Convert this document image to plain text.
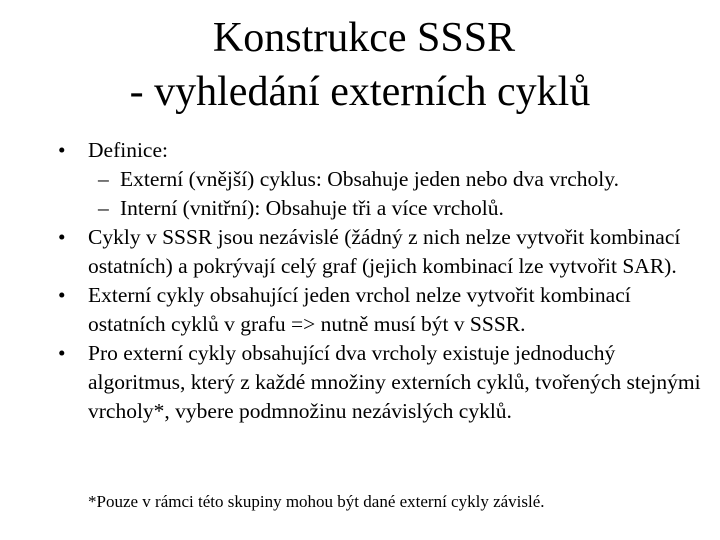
Konstrukce SSSR
- vyhledání externích cyklů
•	Definice:
– Externí (vnější) cyklus: Obsahuje jeden nebo dva vrcholy.
– Interní (vnitřní): Obsahuje tři a více vrcholů.
•	Cykly v SSSR jsou nezávislé (žádný z nich nelze vytvořit kombinací ostatních) a pokrývají celý graf (jejich kombinací lze vytvořit SAR).
•	Externí cykly obsahující jeden vrchol nelze vytvořit kombinací ostatních cyklů v grafu => nutně musí být v SSSR.
•	Pro externí cykly obsahující dva vrcholy existuje jednoduchý algoritmus, který z každé množiny externích cyklů, tvořených stejnými vrcholy*, vybere podmnožinu nezávislých cyklů.
*Pouze v rámci této skupiny mohou být dané externí cykly závislé.
